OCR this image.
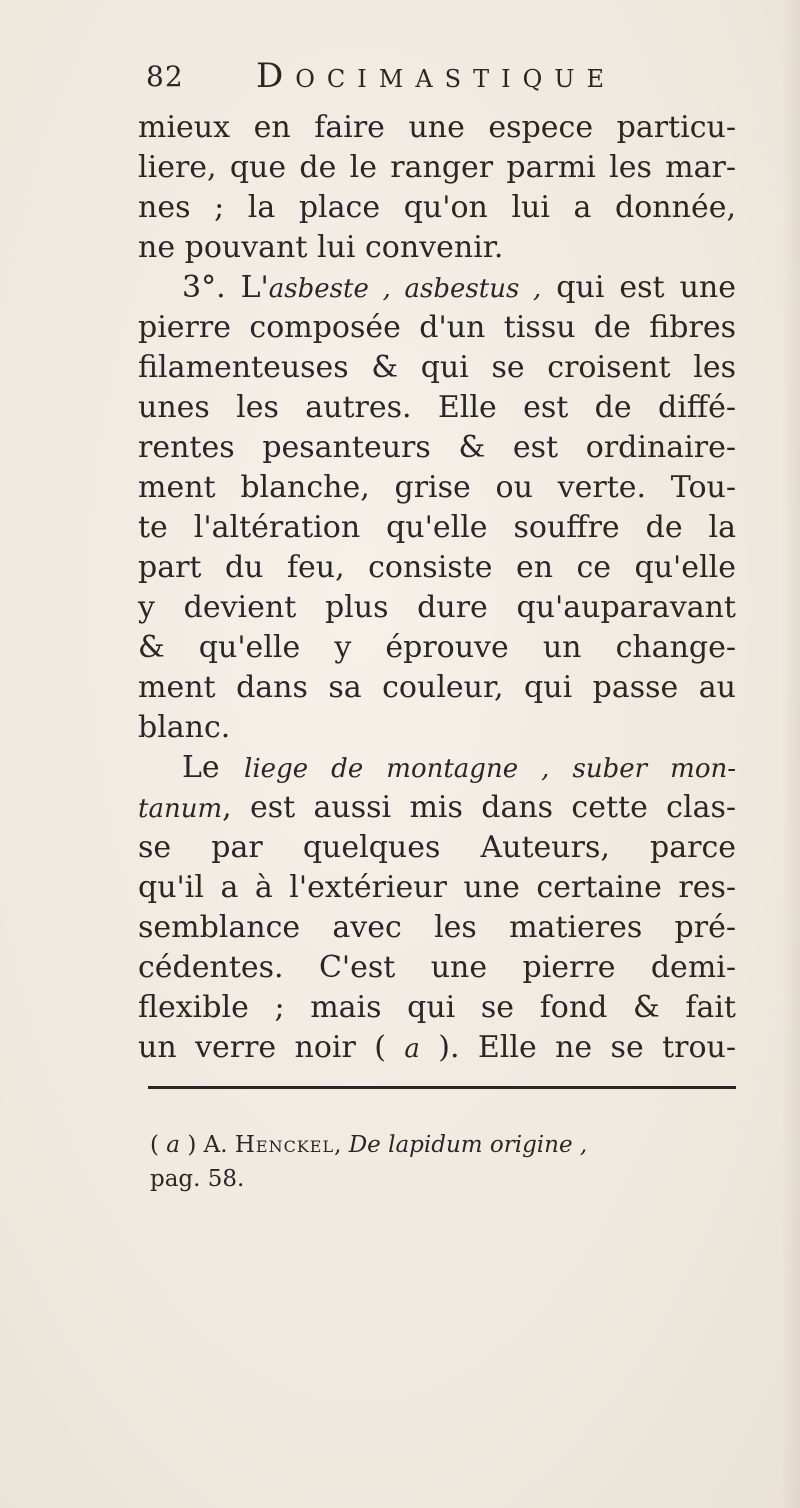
82 Docimastique
mieux en faire une espece particu-
liere, que de le ranger parmi les mar-
nes ; la place qu'on lui a donnée,
ne pouvant lui convenir.
3°. L'asbeste , asbestus , qui est une
pierre composée d'un tissu de fibres
filamenteuses & qui se croisent les
unes les autres. Elle est de diffé-
rentes pesanteurs & est ordinaire-
ment blanche, grise ou verte. Tou-
te l'altération qu'elle souffre de la
part du feu, consiste en ce qu'elle
y devient plus dure qu'auparavant
& qu'elle y éprouve un change-
ment dans sa couleur, qui passe au
blanc.
Le liege de montagne , suber mon-
tanum, est aussi mis dans cette clas-
se par quelques Auteurs, parce
qu'il a à l'extérieur une certaine res-
semblance avec les matieres pré-
cédentes. C'est une pierre demi-
flexible ; mais qui se fond & fait
un verre noir ( a ). Elle ne se trou-
( a ) A. Henckel, De lapidum origine ,
pag. 58.
